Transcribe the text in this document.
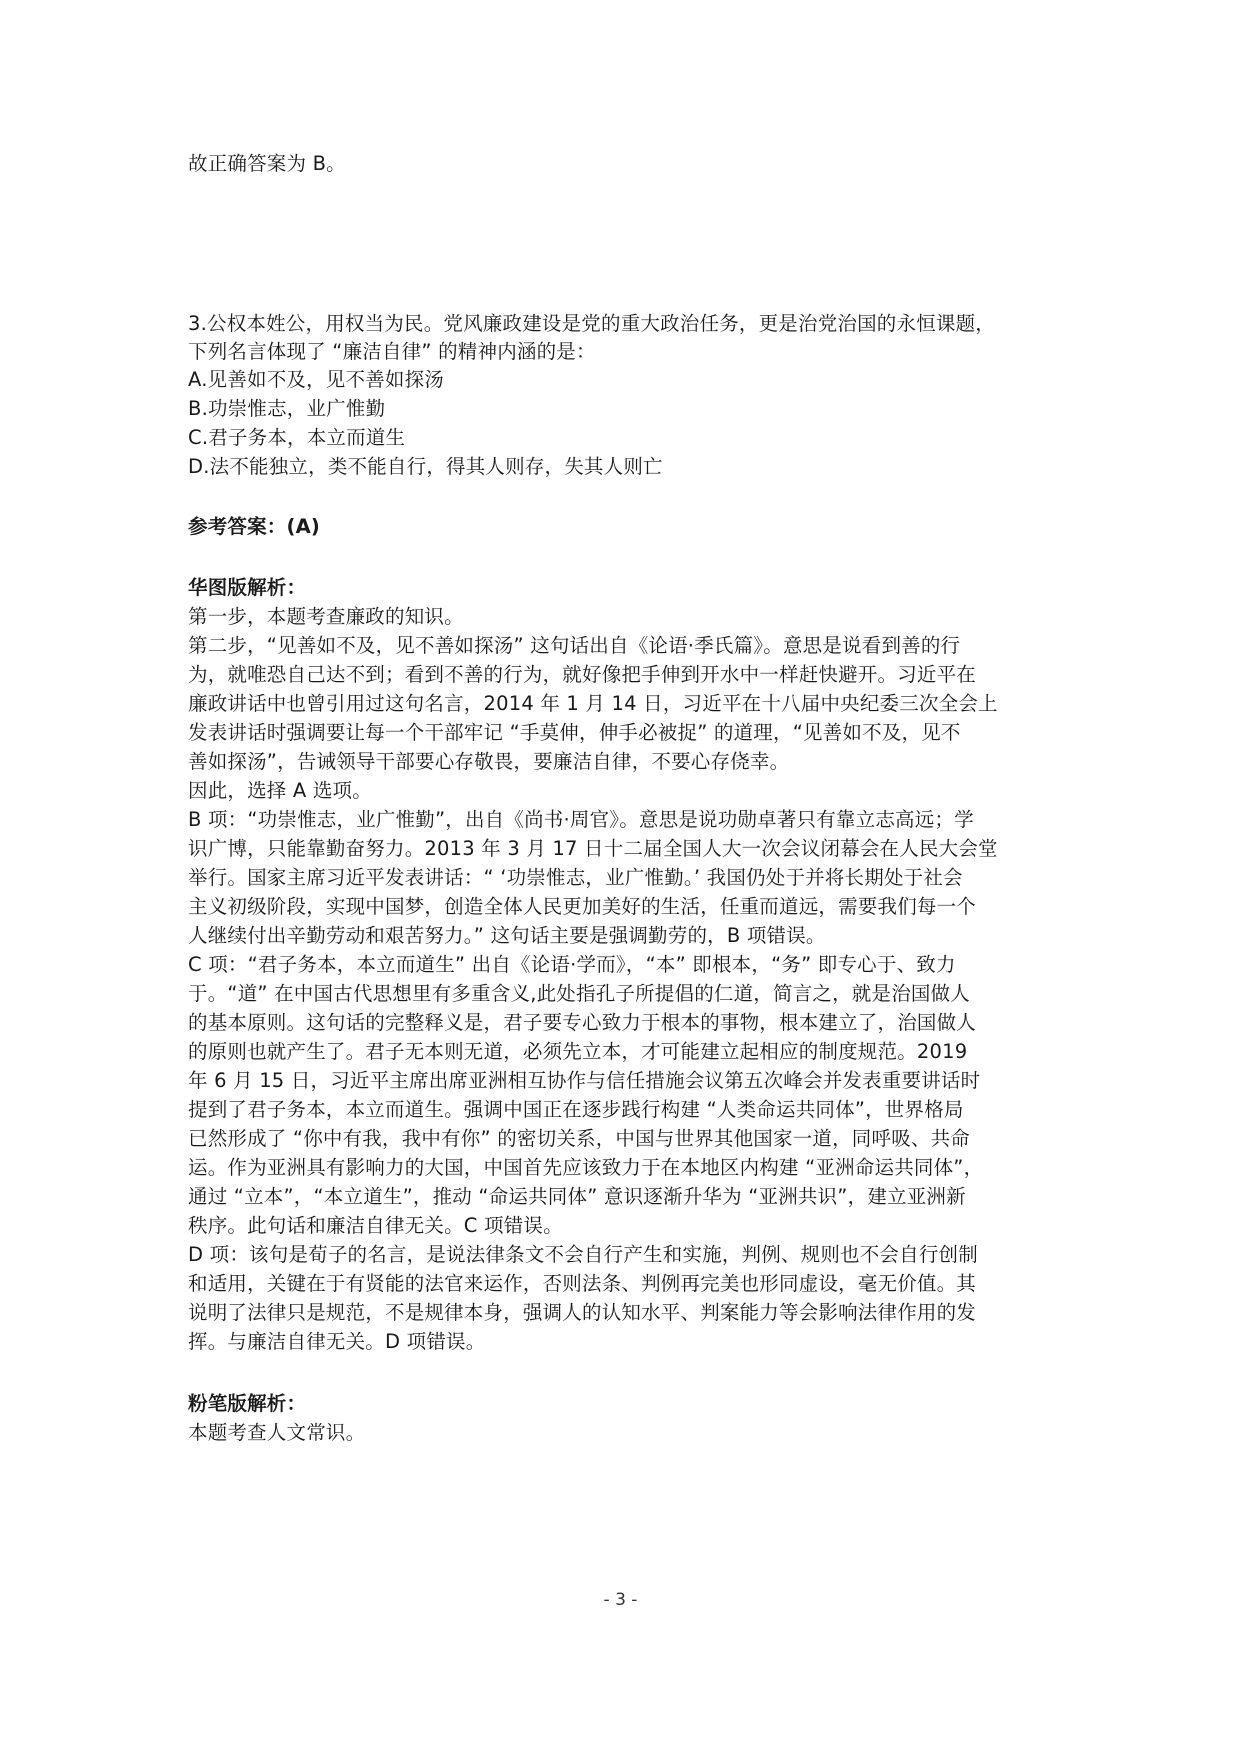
故正确答案为 B。
3.公权本姓公，用权当为民。党风廉政建设是党的重大政治任务，更是治党治国的永恒课题，
下列名言体现了 “廉洁自律” 的精神内涵的是：
A.见善如不及，见不善如探汤
B.功崇惟志，业广惟勤
C.君子务本，本立而道生
D.法不能独立，类不能自行，得其人则存，失其人则亡
参考答案：(A)
华图版解析：
第一步，本题考查廉政的知识。
第二步，“见善如不及，见不善如探汤” 这句话出自《论语·季氏篇》。意思是说看到善的行
为，就唯恐自己达不到；看到不善的行为，就好像把手伸到开水中一样赶快避开。习近平在
廉政讲话中也曾引用过这句名言，2014 年 1 月 14 日，习近平在十八届中央纪委三次全会上
发表讲话时强调要让每一个干部牢记 “手莫伸，伸手必被捉” 的道理，“见善如不及，见不
善如探汤”，告诫领导干部要心存敬畏，要廉洁自律，不要心存侥幸。
因此，选择 A 选项。
B 项：“功崇惟志，业广惟勤”，出自《尚书·周官》。意思是说功勋卓著只有靠立志高远；学
识广博，只能靠勤奋努力。2013 年 3 月 17 日十二届全国人大一次会议闭幕会在人民大会堂
举行。国家主席习近平发表讲话：“ ‘功崇惟志，业广惟勤。’ 我国仍处于并将长期处于社会
主义初级阶段，实现中国梦，创造全体人民更加美好的生活，任重而道远，需要我们每一个
人继续付出辛勤劳动和艰苦努力。” 这句话主要是强调勤劳的，B 项错误。
C 项：“君子务本，本立而道生” 出自《论语·学而》，“本” 即根本，“务” 即专心于、致力
于。“道” 在中国古代思想里有多重含义,此处指孔子所提倡的仁道，简言之，就是治国做人
的基本原则。这句话的完整释义是，君子要专心致力于根本的事物，根本建立了，治国做人
的原则也就产生了。君子无本则无道，必须先立本，才可能建立起相应的制度规范。2019
年 6 月 15 日，习近平主席出席亚洲相互协作与信任措施会议第五次峰会并发表重要讲话时
提到了君子务本，本立而道生。强调中国正在逐步践行构建 “人类命运共同体”，世界格局
已然形成了 “你中有我，我中有你” 的密切关系，中国与世界其他国家一道，同呼吸、共命
运。作为亚洲具有影响力的大国，中国首先应该致力于在本地区内构建 “亚洲命运共同体”，
通过 “立本”，“本立道生”，推动 “命运共同体” 意识逐渐升华为 “亚洲共识”，建立亚洲新
秩序。此句话和廉洁自律无关。C 项错误。
D 项：该句是荀子的名言，是说法律条文不会自行产生和实施，判例、规则也不会自行创制
和适用，关键在于有贤能的法官来运作，否则法条、判例再完美也形同虚设，毫无价值。其
说明了法律只是规范，不是规律本身，强调人的认知水平、判案能力等会影响法律作用的发
挥。与廉洁自律无关。D 项错误。
粉笔版解析：
本题考查人文常识。
- 3 -
